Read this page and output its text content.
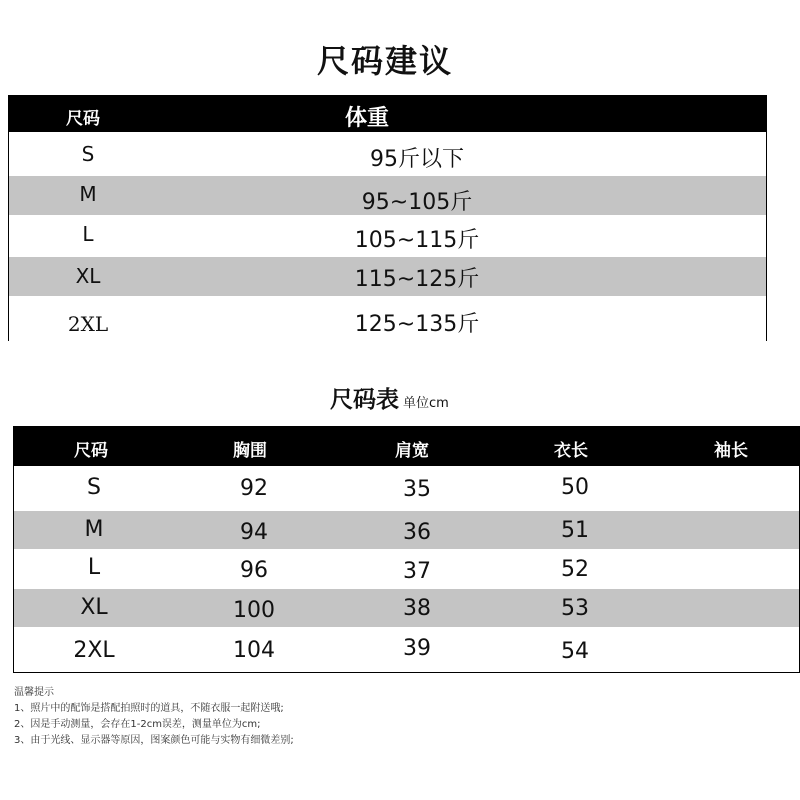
尺码建议
尺码	体重
S	95斤以下
M	95~105斤
L	105~115斤
XL	115~125斤
2XL	125~135斤
尺码表 单位cm
尺码	胸围	肩宽	衣长	袖长
S	92	35	50
M	94	36	51
L	96	37	52
XL	100	38	53
2XL	104	39	54
温馨提示
1、照片中的配饰是搭配拍照时的道具，不随衣服一起附送哦;
2、因是手动测量，会存在1-2cm误差，测量单位为cm;
3、由于光线、显示器等原因，图案颜色可能与实物有细微差别;
